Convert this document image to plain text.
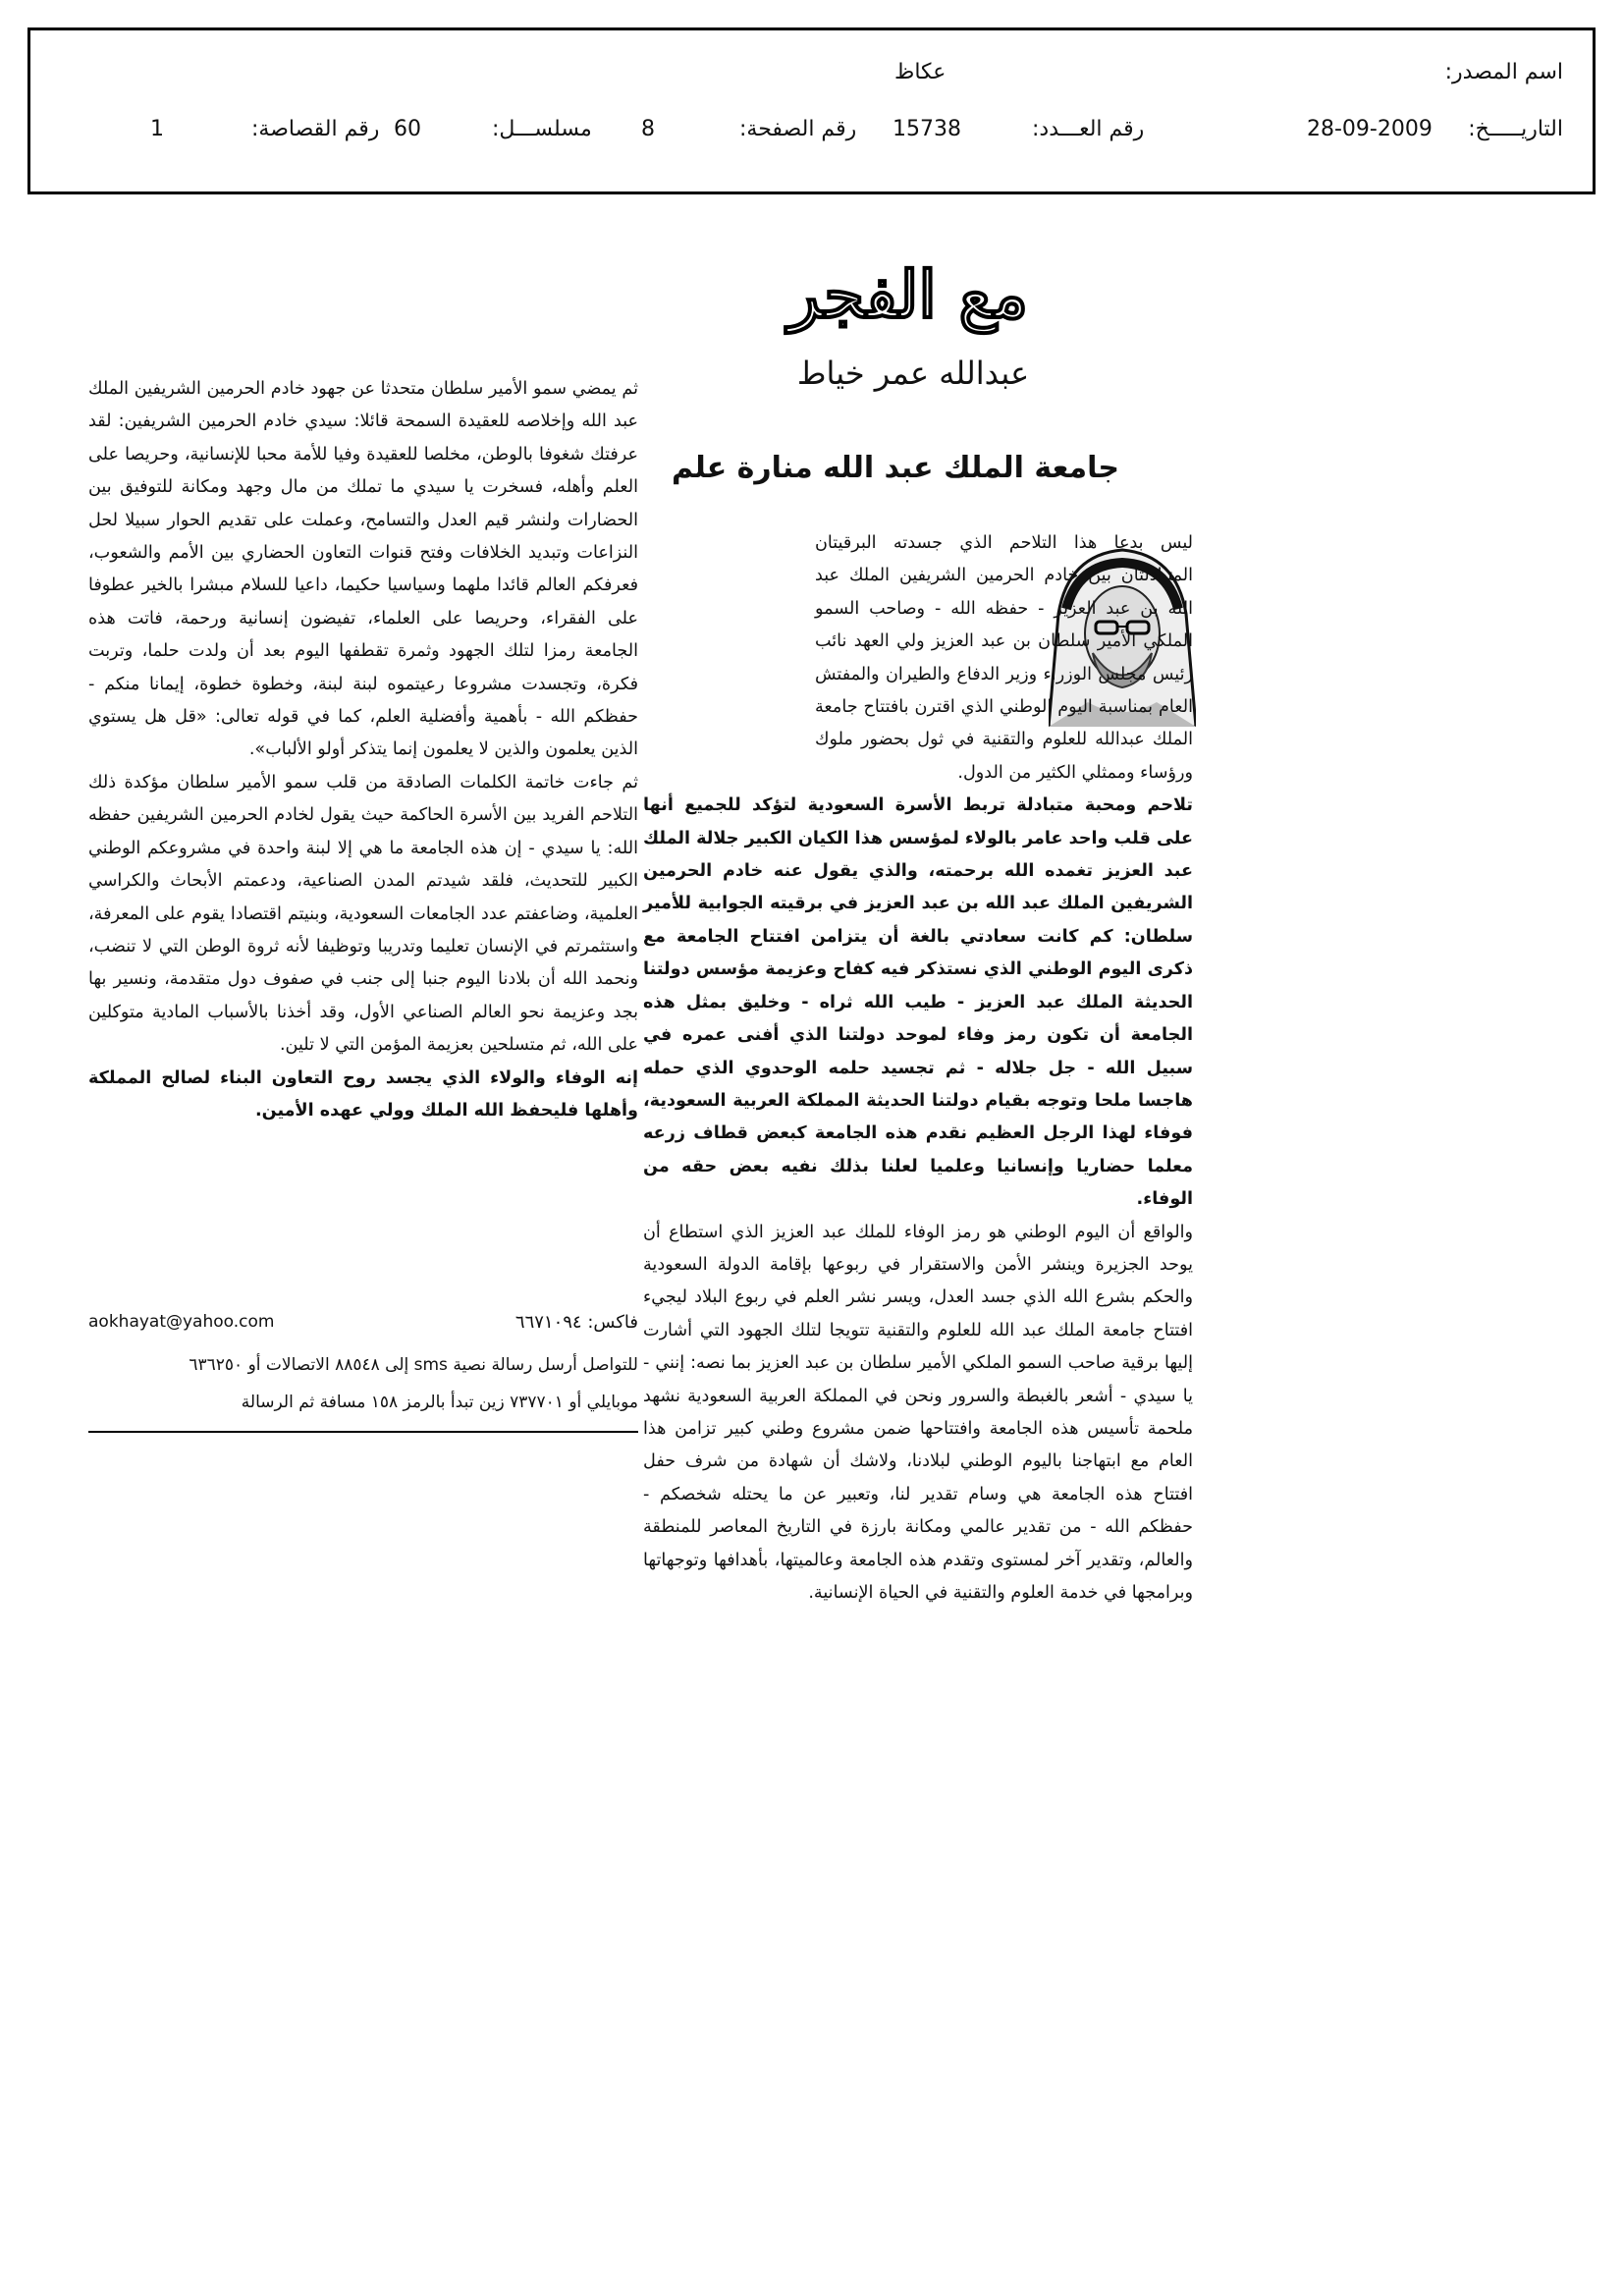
اسم المصدر:
عكاظ
التاريـــــخ:
28-09-2009
رقم العـــدد:
15738
رقم الصفحة:
8
مسلســـل:
60
رقم القصاصة:
1
مع الفجر
عبدالله عمر خياط
جامعة الملك عبد الله منارة علم

ليس بدعا هذا التلاحم الذي جسدته البرقيتان المتبادلتان بين خادم الحرمين الشريفين الملك عبد الله بن عبد العزيز - حفظه الله - وصاحب السمو الملكي الأمير سلطان بن عبد العزيز ولي العهد نائب رئيس مجلس الوزراء وزير الدفاع والطيران والمفتش العام بمناسبة اليوم الوطني الذي اقترن بافتتاح جامعة الملك عبدالله للعلوم والتقنية في ثول بحضور ملوك ورؤساء وممثلي الكثير من الدول.

تلاحم ومحبة متبادلة تربط الأسرة السعودية لتؤكد للجميع أنها على قلب واحد عامر بالولاء لمؤسس هذا الكيان الكبير جلالة الملك عبد العزيز تغمده الله برحمته، والذي يقول عنه خادم الحرمين الشريفين الملك عبد الله بن عبد العزيز في برقيته الجوابية للأمير سلطان: كم كانت سعادتي بالغة أن يتزامن افتتاح الجامعة مع ذكرى اليوم الوطني الذي نستذكر فيه كفاح وعزيمة مؤسس دولتنا الحديثة الملك عبد العزيز - طيب الله ثراه - وخليق بمثل هذه الجامعة أن تكون رمز وفاء لموحد دولتنا الذي أفنى عمره في سبيل الله - جل جلاله - ثم تجسيد حلمه الوحدوي الذي حمله هاجسا ملحا وتوجه بقيام دولتنا الحديثة المملكة العربية السعودية، فوفاء لهذا الرجل العظيم نقدم هذه الجامعة كبعض قطاف زرعه معلما حضاريا وإنسانيا وعلميا لعلنا بذلك نفيه بعض حقه من الوفاء.

والواقع أن اليوم الوطني هو رمز الوفاء للملك عبد العزيز الذي استطاع أن يوحد الجزيرة وينشر الأمن والاستقرار في ربوعها بإقامة الدولة السعودية والحكم بشرع الله الذي جسد العدل، ويسر نشر العلم في ربوع البلاد ليجيء افتتاح جامعة الملك عبد الله للعلوم والتقنية تتويجا لتلك الجهود التي أشارت إليها برقية صاحب السمو الملكي الأمير سلطان بن عبد العزيز بما نصه: إنني - يا سيدي - أشعر بالغبطة والسرور ونحن في المملكة العربية السعودية نشهد ملحمة تأسيس هذه الجامعة وافتتاحها ضمن مشروع وطني كبير تزامن هذا العام مع ابتهاجنا باليوم الوطني لبلادنا، ولاشك أن شهادة من شرف حفل افتتاح هذه الجامعة هي وسام تقدير لنا، وتعبير عن ما يحتله شخصكم - حفظكم الله - من تقدير عالمي ومكانة بارزة في التاريخ المعاصر للمنطقة والعالم، وتقدير آخر لمستوى وتقدم هذه الجامعة وعالميتها، بأهدافها وتوجهاتها وبرامجها في خدمة العلوم والتقنية في الحياة الإنسانية.

ثم يمضي سمو الأمير سلطان متحدثا عن جهود خادم الحرمين الشريفين الملك عبد الله وإخلاصه للعقيدة السمحة قائلا: سيدي خادم الحرمين الشريفين: لقد عرفتك شغوفا بالوطن، مخلصا للعقيدة وفيا للأمة محبا للإنسانية، وحريصا على العلم وأهله، فسخرت يا سيدي ما تملك من مال وجهد ومكانة للتوفيق بين الحضارات ولنشر قيم العدل والتسامح، وعملت على تقديم الحوار سبيلا لحل النزاعات وتبديد الخلافات وفتح قنوات التعاون الحضاري بين الأمم والشعوب، فعرفكم العالم قائدا ملهما وسياسيا حكيما، داعيا للسلام مبشرا بالخير عطوفا على الفقراء، وحريصا على العلماء، تفيضون إنسانية ورحمة، فاتت هذه الجامعة رمزا لتلك الجهود وثمرة تقطفها اليوم بعد أن ولدت حلما، وتربت فكرة، وتجسدت مشروعا رعيتموه لبنة لبنة، وخطوة خطوة، إيمانا منكم - حفظكم الله - بأهمية وأفضلية العلم، كما في قوله تعالى: «قل هل يستوي الذين يعلمون والذين لا يعلمون إنما يتذكر أولو الألباب».

ثم جاءت خاتمة الكلمات الصادقة من قلب سمو الأمير سلطان مؤكدة ذلك التلاحم الفريد بين الأسرة الحاكمة حيث يقول لخادم الحرمين الشريفين حفظه الله: يا سيدي - إن هذه الجامعة ما هي إلا لبنة واحدة في مشروعكم الوطني الكبير للتحديث، فلقد شيدتم المدن الصناعية، ودعمتم الأبحاث والكراسي العلمية، وضاعفتم عدد الجامعات السعودية، وبنيتم اقتصادا يقوم على المعرفة، واستثمرتم في الإنسان تعليما وتدريبا وتوظيفا لأنه ثروة الوطن التي لا تنضب، ونحمد الله أن بلادنا اليوم جنبا إلى جنب في صفوف دول متقدمة، ونسير بها بجد وعزيمة نحو العالم الصناعي الأول، وقد أخذنا بالأسباب المادية متوكلين على الله، ثم متسلحين بعزيمة المؤمن التي لا تلين.

إنه الوفاء والولاء الذي يجسد روح التعاون البناء لصالح المملكة وأهلها فليحفظ الله الملك وولي عهده الأمين.

فاكس: ٦٦٧١٠٩٤
aokhayat@yahoo.com
للتواصل أرسل رسالة نصية sms إلى ٨٨٥٤٨ الاتصالات أو ٦٣٦٢٥٠
موبايلي أو ٧٣٧٧٠١ زين تبدأ بالرمز ١٥٨ مسافة ثم الرسالة
